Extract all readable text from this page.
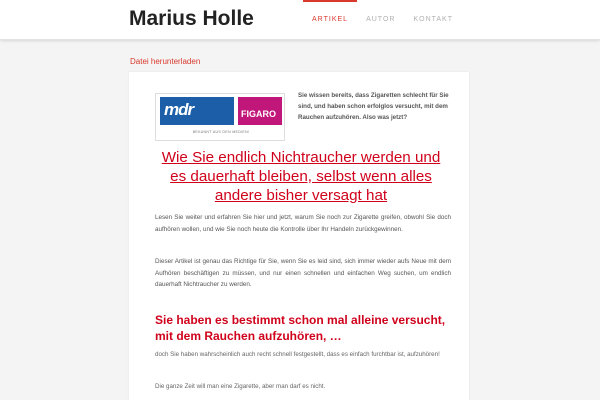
Marius Holle	ARTIKEL	AUTOR	KONTAKT
Datei herunterladen
mdr	FIGARO
BEKANNT AUS DEN MEDIEN!

Sie wissen bereits, dass Zigaretten schlecht für Sie sind, und haben schon erfolglos versucht, mit dem Rauchen aufzuhören. Also was jetzt?

Wie Sie endlich Nichtraucher werden und es dauerhaft bleiben, selbst wenn alles andere bisher versagt hat

Lesen Sie weiter und erfahren Sie hier und jetzt, warum Sie noch zur Zigarette greifen, obwohl Sie doch aufhören wollen, und wie Sie noch heute die Kontrolle über Ihr Handeln zurückgewinnen.

Dieser Artikel ist genau das Richtige für Sie, wenn Sie es leid sind, sich immer wieder aufs Neue mit dem Aufhören beschäftigen zu müssen, und nur einen schnellen und einfachen Weg suchen, um endlich dauerhaft Nichtraucher zu werden.

Sie haben es bestimmt schon mal alleine versucht, mit dem Rauchen aufzuhören, …

doch Sie haben wahrscheinlich auch recht schnell festgestellt, dass es einfach furchtbar ist, aufzuhören!

Die ganze Zeit will man eine Zigarette, aber man darf es nicht.
